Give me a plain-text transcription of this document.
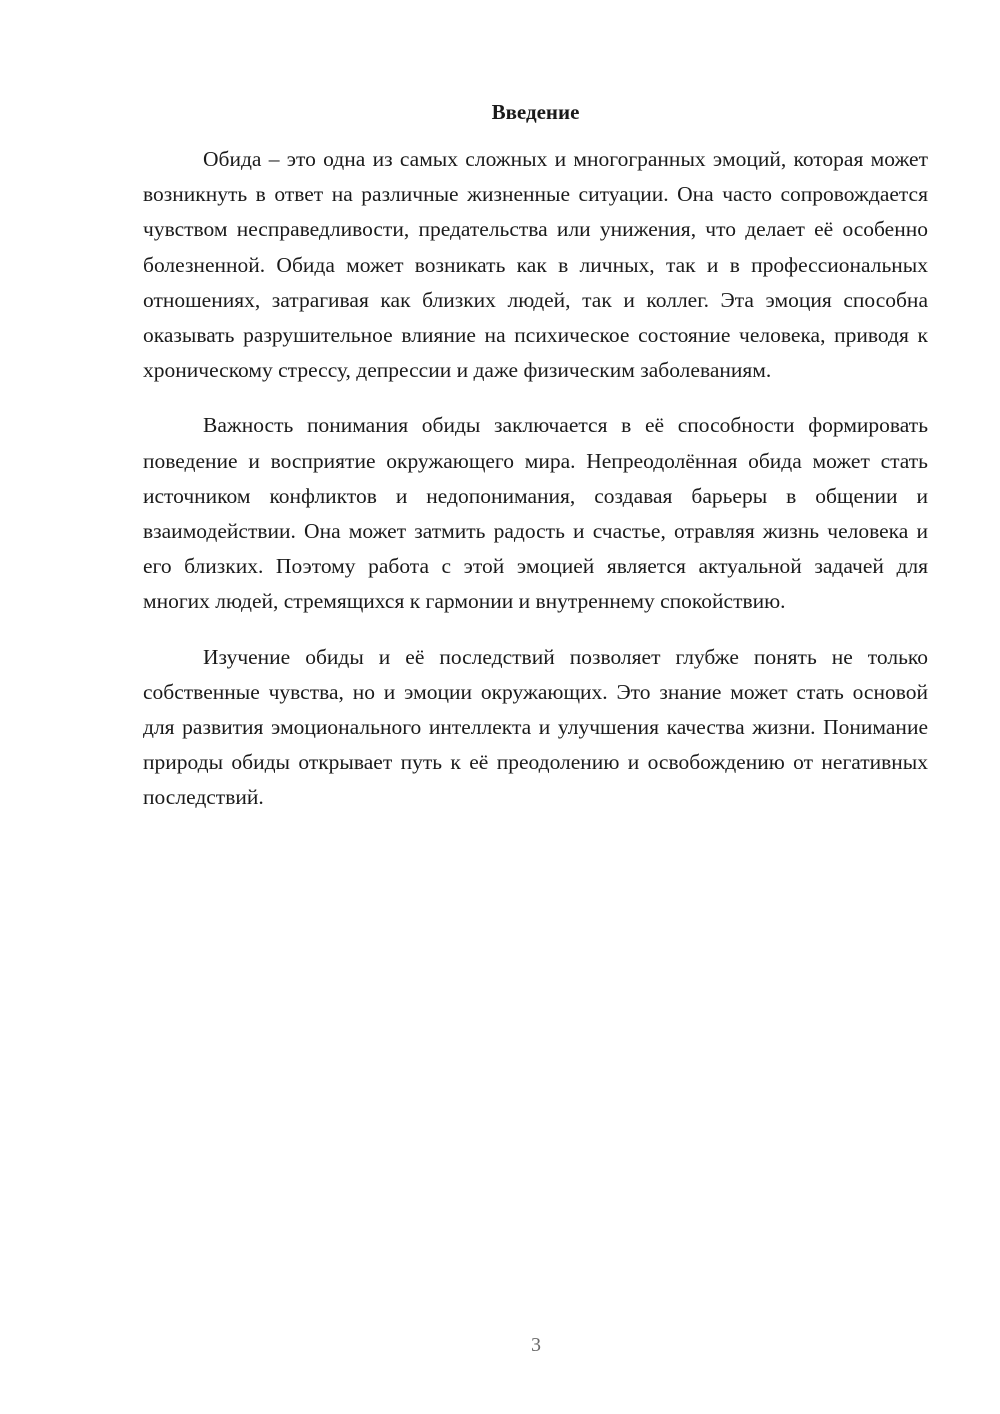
Введение

Обида – это одна из самых сложных и многогранных эмоций, которая может возникнуть в ответ на различные жизненные ситуации. Она часто сопровождается чувством несправедливости, предательства или унижения, что делает её особенно болезненной. Обида может возникать как в личных, так и в профессиональных отношениях, затрагивая как близких людей, так и коллег. Эта эмоция способна оказывать разрушительное влияние на психическое состояние человека, приводя к хроническому стрессу, депрессии и даже физическим заболеваниям.

Важность понимания обиды заключается в её способности формировать поведение и восприятие окружающего мира. Непреодолённая обида может стать источником конфликтов и недопонимания, создавая барьеры в общении и взаимодействии. Она может затмить радость и счастье, отравляя жизнь человека и его близких. Поэтому работа с этой эмоцией является актуальной задачей для многих людей, стремящихся к гармонии и внутреннему спокойствию.

Изучение обиды и её последствий позволяет глубже понять не только собственные чувства, но и эмоции окружающих. Это знание может стать основой для развития эмоционального интеллекта и улучшения качества жизни. Понимание природы обиды открывает путь к её преодолению и освобождению от негативных последствий.

3
